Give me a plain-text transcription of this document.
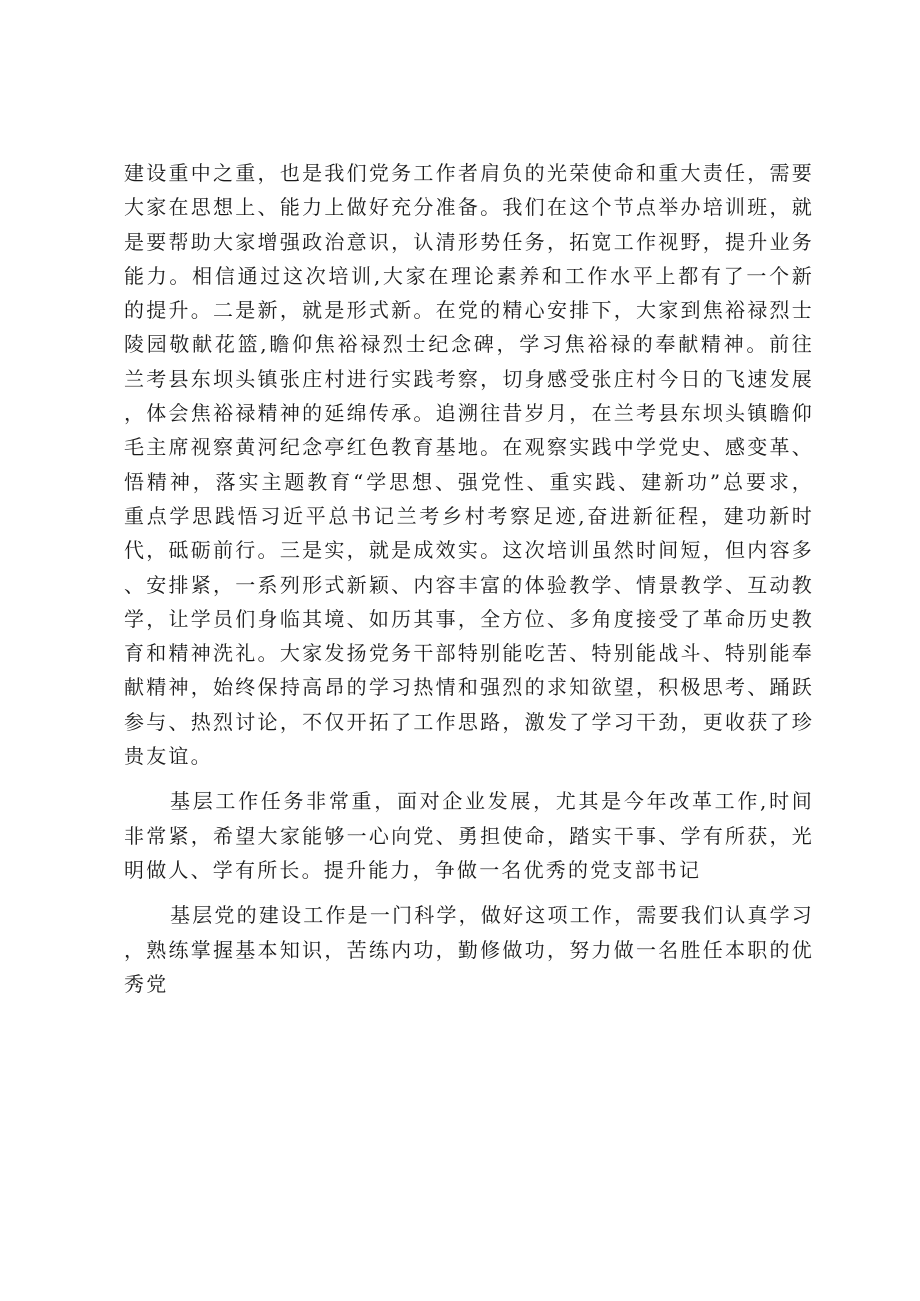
建设重中之重，也是我们党务工作者肩负的光荣使命和重大责任，需要大家在思想上、能力上做好充分准备。我们在这个节点举办培训班，就是要帮助大家增强政治意识，认清形势任务，拓宽工作视野，提升业务能力。相信通过这次培训,大家在理论素养和工作水平上都有了一个新的提升。二是新，就是形式新。在党的精心安排下，大家到焦裕禄烈士陵园敬献花篮,瞻仰焦裕禄烈士纪念碑，学习焦裕禄的奉献精神。前往兰考县东坝头镇张庄村进行实践考察，切身感受张庄村今日的飞速发展，体会焦裕禄精神的延绵传承。追溯往昔岁月，在兰考县东坝头镇瞻仰毛主席视察黄河纪念亭红色教育基地。在观察实践中学党史、感变革、悟精神，落实主题教育“学思想、强党性、重实践、建新功”总要求，重点学思践悟习近平总书记兰考乡村考察足迹,奋进新征程，建功新时代，砥砺前行。三是实，就是成效实。这次培训虽然时间短，但内容多、安排紧，一系列形式新颖、内容丰富的体验教学、情景教学、互动教学，让学员们身临其境、如历其事，全方位、多角度接受了革命历史教育和精神洗礼。大家发扬党务干部特别能吃苦、特别能战斗、特别能奉献精神，始终保持高昂的学习热情和强烈的求知欲望，积极思考、踊跃参与、热烈讨论，不仅开拓了工作思路，激发了学习干劲，更收获了珍贵友谊。

基层工作任务非常重，面对企业发展，尤其是今年改革工作,时间非常紧，希望大家能够一心向党、勇担使命，踏实干事、学有所获，光明做人、学有所长。提升能力，争做一名优秀的党支部书记

基层党的建设工作是一门科学，做好这项工作，需要我们认真学习，熟练掌握基本知识，苦练内功，勤修做功，努力做一名胜任本职的优秀党
